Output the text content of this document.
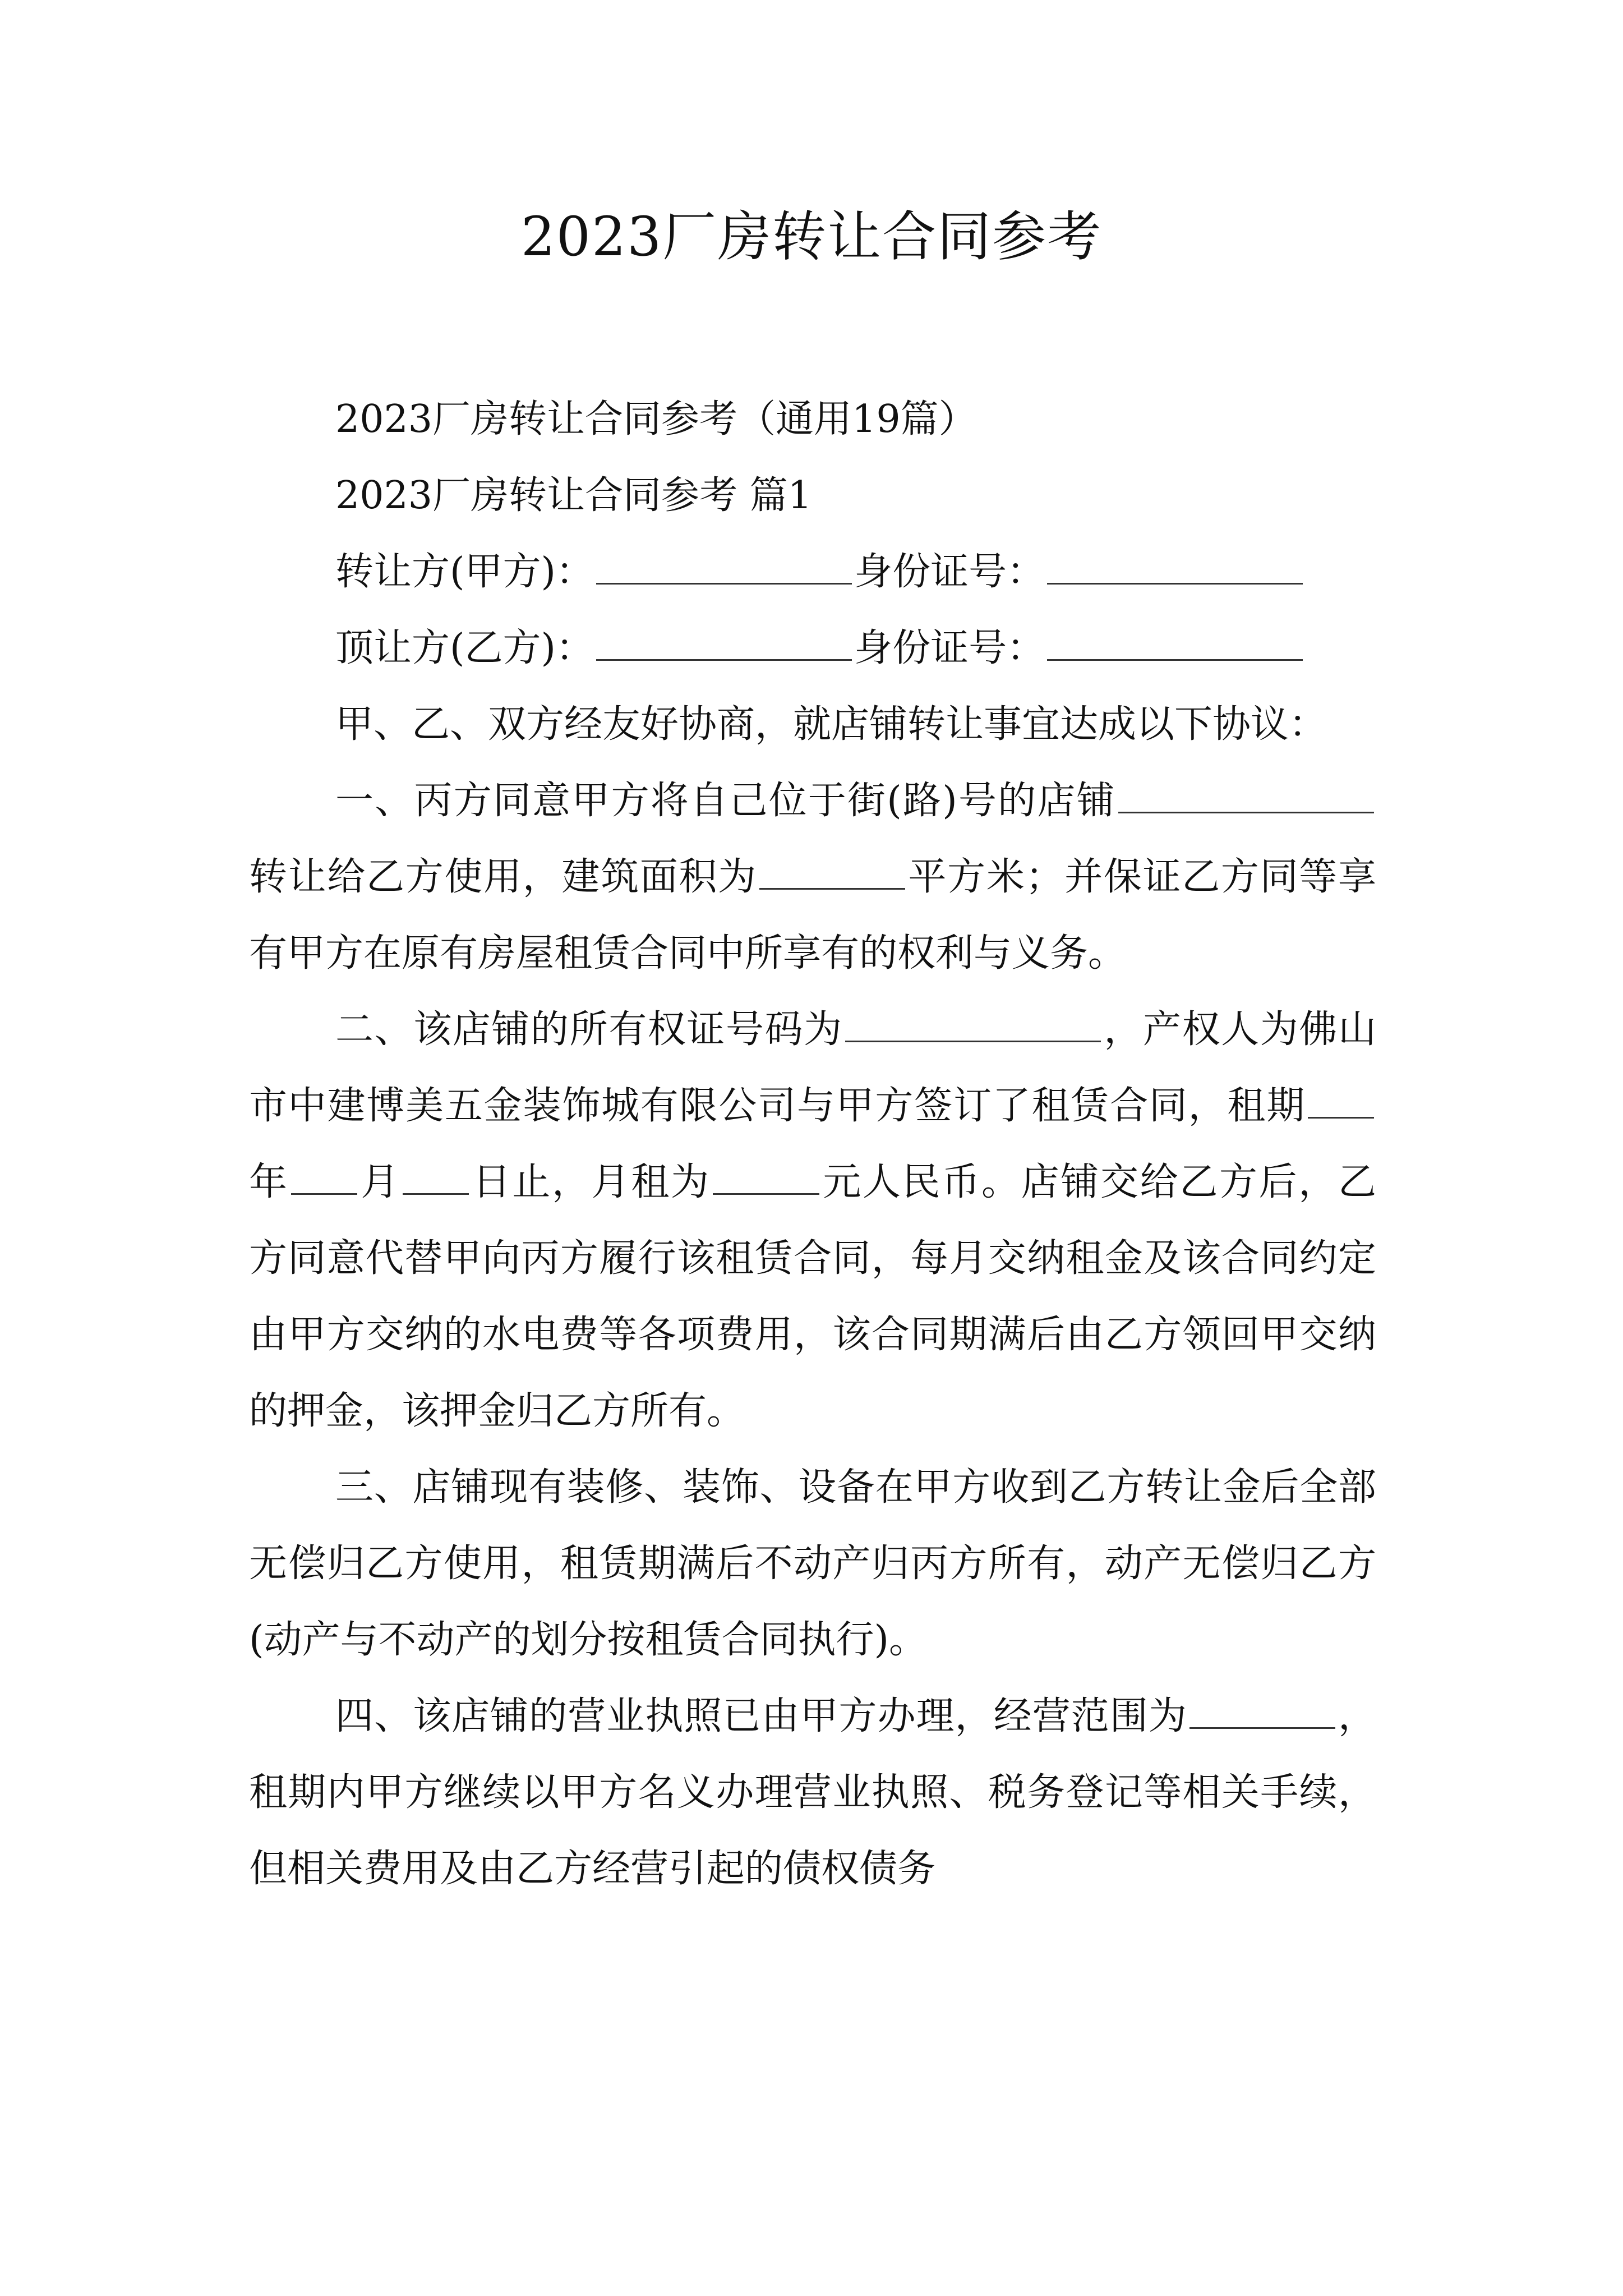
2023厂房转让合同参考

2023厂房转让合同参考（通用19篇）

2023厂房转让合同参考 篇1

转让方(甲方)：	身份证号：

顶让方(乙方)：	身份证号：

甲、乙、双方经友好协商，就店铺转让事宜达成以下协议：

一、丙方同意甲方将自己位于街(路)号的店铺转让给乙方使用，建筑面积为	平方米；并保证乙方同等享有甲方在原有房屋租赁合同中所享有的权利与义务。

二、该店铺的所有权证号码为	，产权人为佛山市中建博美五金装饰城有限公司与甲方签订了租赁合同，租期年 月 日止，月租为	元人民币。店铺交给乙方后，乙方同意代替甲向丙方履行该租赁合同，每月交纳租金及该合同约定由甲方交纳的水电费等各项费用，该合同期满后由乙方领回甲交纳的押金，该押金归乙方所有。

三、店铺现有装修、装饰、设备在甲方收到乙方转让金后全部无偿归乙方使用，租赁期满后不动产归丙方所有，动产无偿归乙方(动产与不动产的划分按租赁合同执行)。

四、该店铺的营业执照已由甲方办理，经营范围为	，租期内甲方继续以甲方名义办理营业执照、税务登记等相关手续，但相关费用及由乙方经营引起的债权债务
